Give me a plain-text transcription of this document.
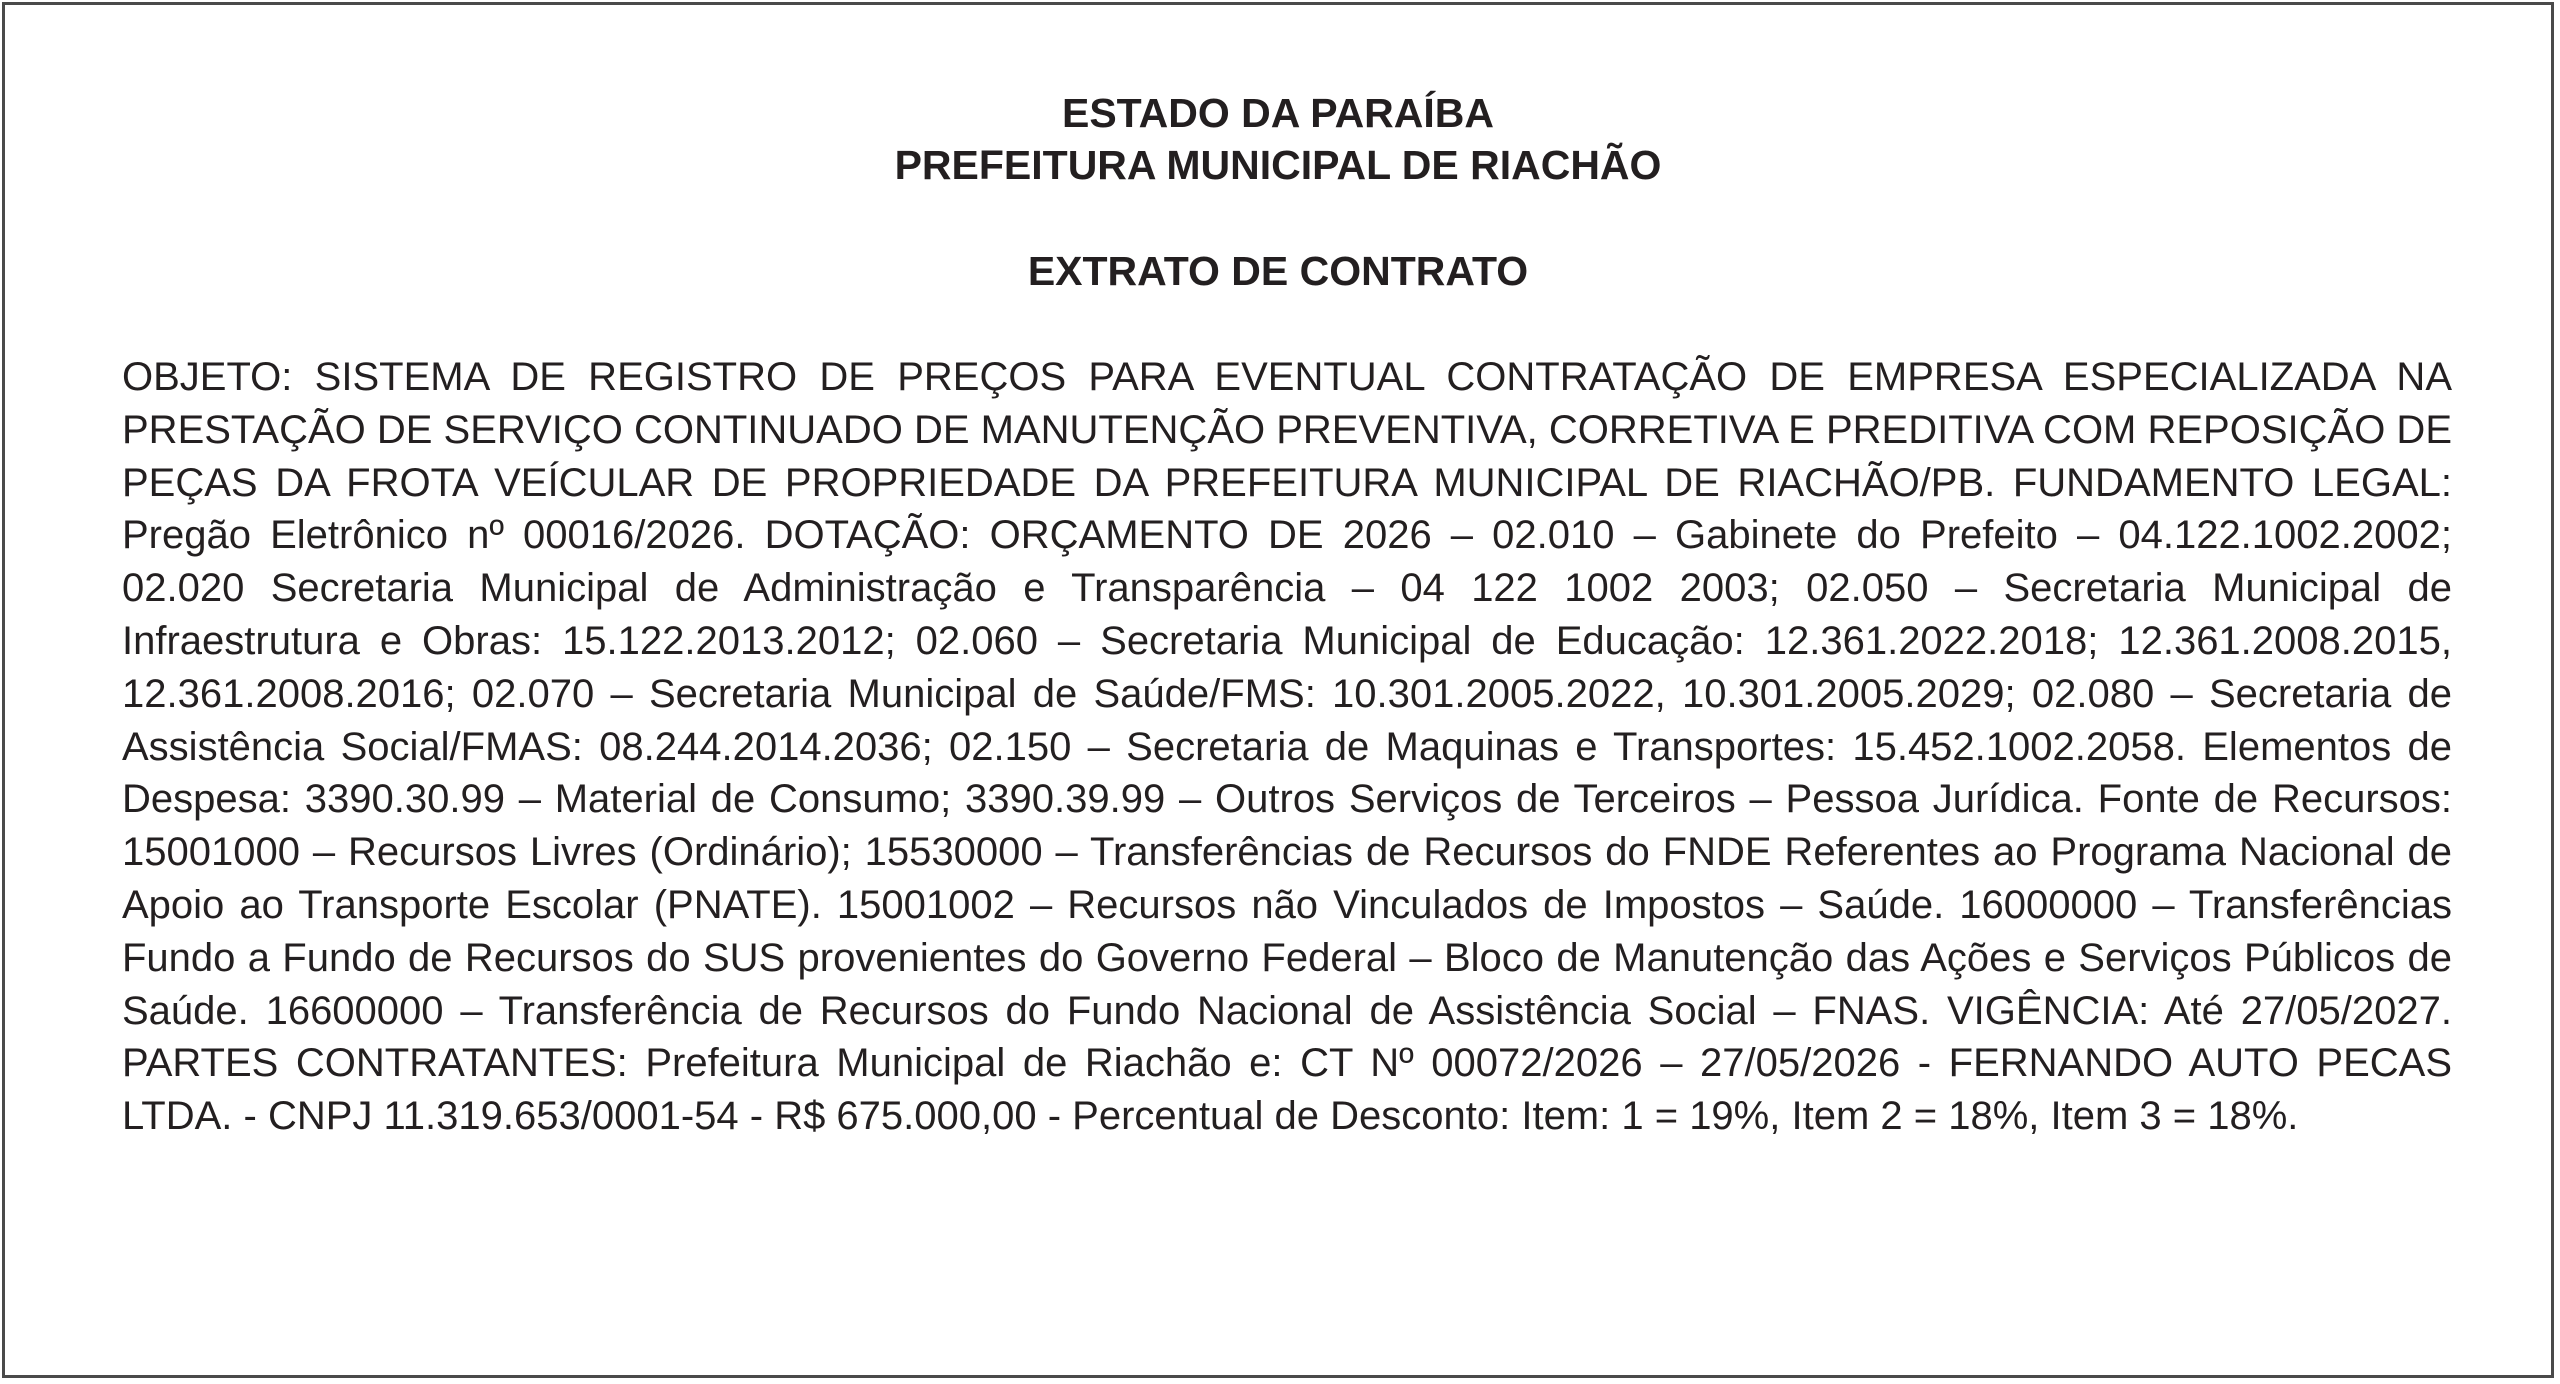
ESTADO DA PARAÍBA
PREFEITURA MUNICIPAL DE RIACHÃO
EXTRATO DE CONTRATO
OBJETO: SISTEMA DE REGISTRO DE PREÇOS PARA EVENTUAL CONTRATAÇÃO DE EMPRESA ESPECIALIZADA NA PRESTAÇÃO DE SERVIÇO CONTINUADO DE MANUTENÇÃO PREVENTIVA, CORRETIVA E PREDITIVA COM REPOSIÇÃO DE PEÇAS DA FROTA VEÍCULAR DE PROPRIEDADE DA PREFEITURA MUNICIPAL DE RIACHÃO/PB. FUNDAMENTO LEGAL: Pregão Eletrônico nº 00016/2026. DOTAÇÃO: ORÇAMENTO DE 2026 – 02.010 – Gabinete do Prefeito – 04.122.1002.2002; 02.020 Secretaria Municipal de Administração e Transparência – 04 122 1002 2003; 02.050 – Secretaria Municipal de Infraestrutura e Obras: 15.122.2013.2012; 02.060 – Secretaria Municipal de Educação: 12.361.2022.2018; 12.361.2008.2015, 12.361.2008.2016; 02.070 – Secretaria Municipal de Saúde/FMS: 10.301.2005.2022, 10.301.2005.2029; 02.080 – Secretaria de Assistência Social/FMAS: 08.244.2014.2036; 02.150 – Secretaria de Maquinas e Transportes: 15.452.1002.2058. Elementos de Despesa: 3390.30.99 – Material de Consumo; 3390.39.99 – Outros Serviços de Terceiros – Pessoa Jurídica. Fonte de Recursos: 15001000 – Recursos Livres (Ordinário); 15530000 – Transferências de Recursos do FNDE Referentes ao Programa Nacional de Apoio ao Transporte Escolar (PNATE). 15001002 – Recursos não Vinculados de Impostos – Saúde. 16000000 – Transferências Fundo a Fundo de Recursos do SUS provenientes do Governo Federal – Bloco de Manutenção das Ações e Serviços Públicos de Saúde. 16600000 – Transferência de Recursos do Fundo Nacional de Assistência Social – FNAS. VIGÊNCIA: Até 27/05/2027. PARTES CONTRATANTES: Prefeitura Municipal de Riachão e: CT Nº 00072/2026 – 27/05/2026 - FERNANDO AUTO PECAS LTDA. - CNPJ 11.319.653/0001-54 - R$ 675.000,00 - Percentual de Desconto: Item: 1 = 19%, Item 2 = 18%, Item 3 = 18%.
